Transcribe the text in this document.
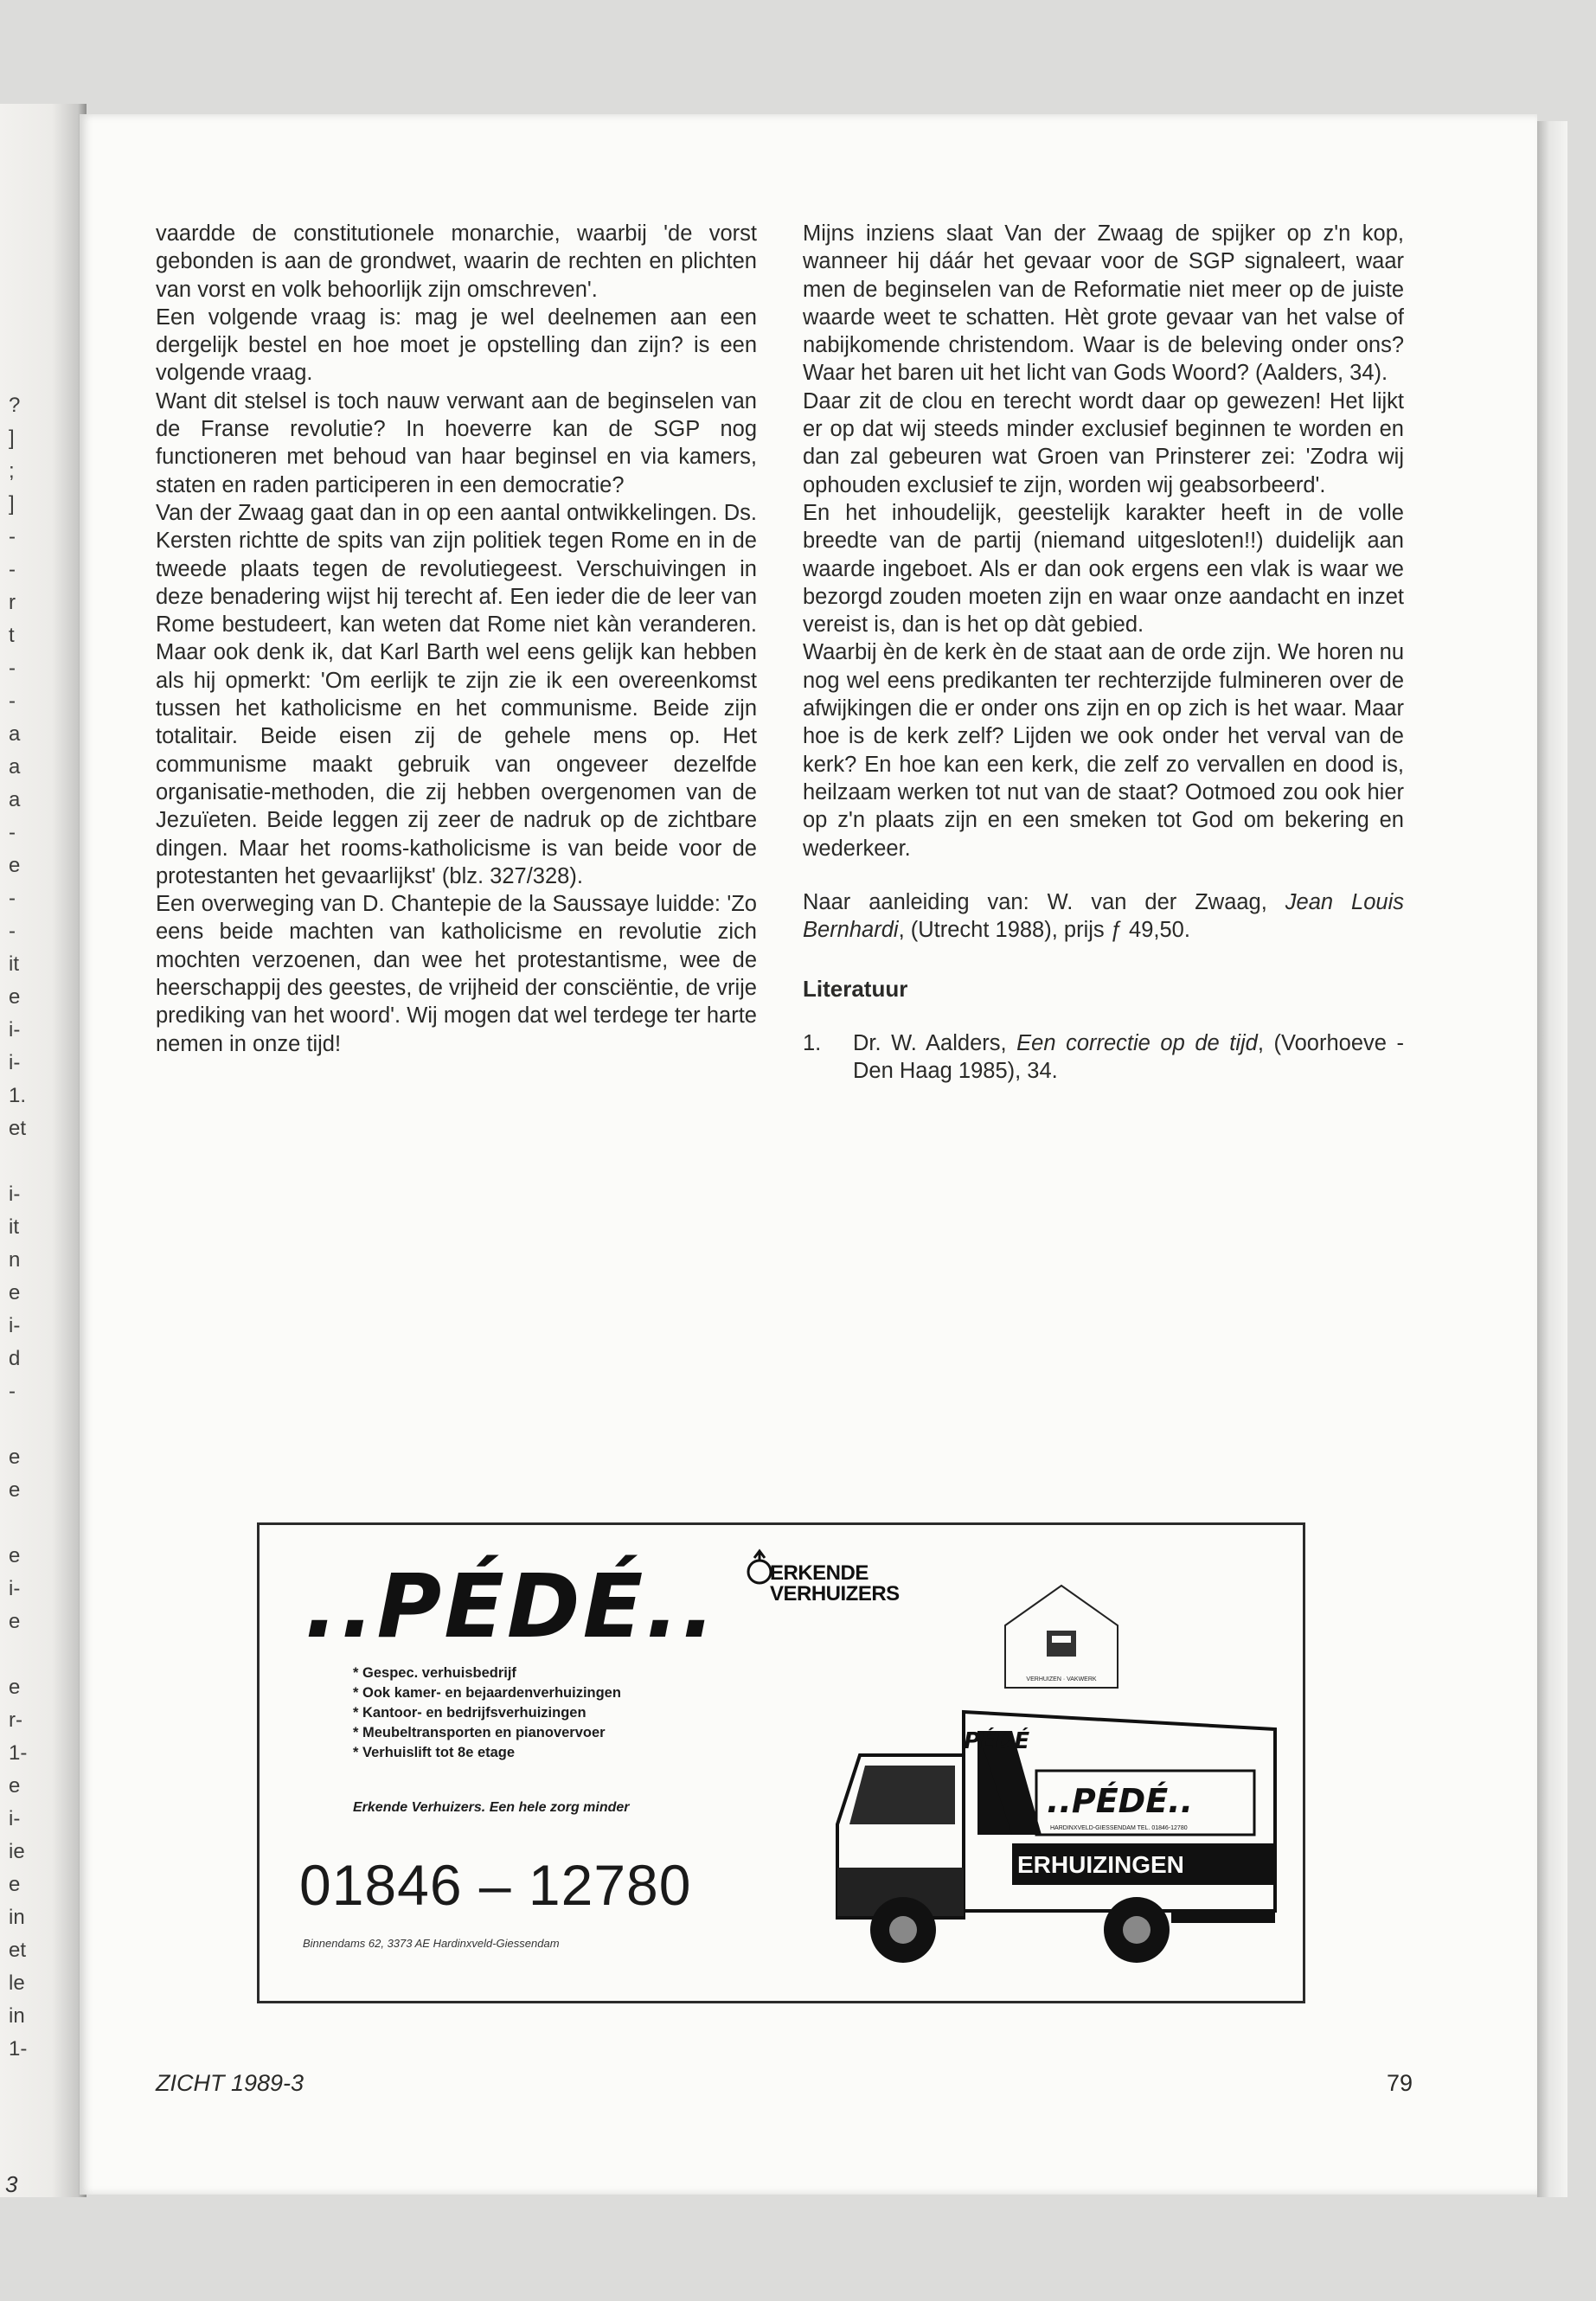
?
]
;
]
-
-
r
t
-
-
a
a
a
-
e
-
-
it
e
i-
i-
1.
et
i-
it
n
e
i-
d
-
e
e
e
i-
e
e
r-
1-
e
i-
ie
e
in
et
le
in
1-
3

vaardde de constitutionele monarchie, waarbij 'de vorst gebonden is aan de grondwet, waarin de rechten en plichten van vorst en volk behoorlijk zijn omschreven'.

Een volgende vraag is: mag je wel deelnemen aan een dergelijk bestel en hoe moet je opstelling dan zijn? is een volgende vraag.

Want dit stelsel is toch nauw verwant aan de beginselen van de Franse revolutie? In hoeverre kan de SGP nog functioneren met behoud van haar beginsel en via kamers, staten en raden participeren in een democratie?

Van der Zwaag gaat dan in op een aantal ontwikkelingen. Ds. Kersten richtte de spits van zijn politiek tegen Rome en in de tweede plaats tegen de revolutiegeest. Verschuivingen in deze benadering wijst hij terecht af. Een ieder die de leer van Rome bestudeert, kan weten dat Rome niet kàn veranderen. Maar ook denk ik, dat Karl Barth wel eens gelijk kan hebben als hij opmerkt: 'Om eerlijk te zijn zie ik een overeenkomst tussen het katholicisme en het communisme. Beide zijn totalitair. Beide eisen zij de gehele mens op. Het communisme maakt gebruik van ongeveer dezelfde organisatie-methoden, die zij hebben overgenomen van de Jezuïeten. Beide leggen zij zeer de nadruk op de zichtbare dingen. Maar het rooms-katholicisme is van beide voor de protestanten het gevaarlijkst' (blz. 327/328).

Een overweging van D. Chantepie de la Saussaye luidde: 'Zo eens beide machten van katholicisme en revolutie zich mochten verzoenen, dan wee het protestantisme, wee de heerschappij des geestes, de vrijheid der consciëntie, de vrije prediking van het woord'. Wij mogen dat wel terdege ter harte nemen in onze tijd!

Mijns inziens slaat Van der Zwaag de spijker op z'n kop, wanneer hij dáár het gevaar voor de SGP signaleert, waar men de beginselen van de Reformatie niet meer op de juiste waarde weet te schatten. Hèt grote gevaar van het valse of nabijkomende christendom. Waar is de beleving onder ons? Waar het baren uit het licht van Gods Woord? (Aalders, 34).

Daar zit de clou en terecht wordt daar op gewezen! Het lijkt er op dat wij steeds minder exclusief beginnen te worden en dan zal gebeuren wat Groen van Prinsterer zei: 'Zodra wij ophouden exclusief te zijn, worden wij geabsorbeerd'.

En het inhoudelijk, geestelijk karakter heeft in de volle breedte van de partij (niemand uitgesloten!!) duidelijk aan waarde ingeboet. Als er dan ook ergens een vlak is waar we bezorgd zouden moeten zijn en waar onze aandacht en inzet vereist is, dan is het op dàt gebied.

Waarbij èn de kerk èn de staat aan de orde zijn. We horen nu nog wel eens predikanten ter rechterzijde fulmineren over de afwijkingen die er onder ons zijn en op zich is het waar. Maar hoe is de kerk zelf? Lijden we ook onder het verval van de kerk? En hoe kan een kerk, die zelf zo vervallen en dood is, heilzaam werken tot nut van de staat? Ootmoed zou ook hier op z'n plaats zijn en een smeken tot God om bekering en wederkeer.

Naar aanleiding van: W. van der Zwaag, Jean Louis Bernhardi, (Utrecht 1988), prijs ƒ 49,50.

Literatuur
1.	Dr. W. Aalders, Een correctie op de tijd, (Voorhoeve - Den Haag 1985), 34.
..PÉDÉ..	ERKENDE
VERHUIZERS
* Gespec. verhuisbedrijf
* Ook kamer- en bejaardenverhuizingen
* Kantoor- en bedrijfsverhuizingen
* Meubeltransporten en pianovervoer
* Verhuislift tot 8e etage
Erkende Verhuizers. Een hele zorg minder
01846 – 12780
Binnendams 62, 3373 AE Hardinxveld-Giessendam
VERHUIZEN · VAKWERK
PÉDÉ
..PÉDÉ..
HARDINXVELD-GIESSENDAM TEL. 01846-12780
ERHUIZINGEN
ZICHT 1989-3	79
